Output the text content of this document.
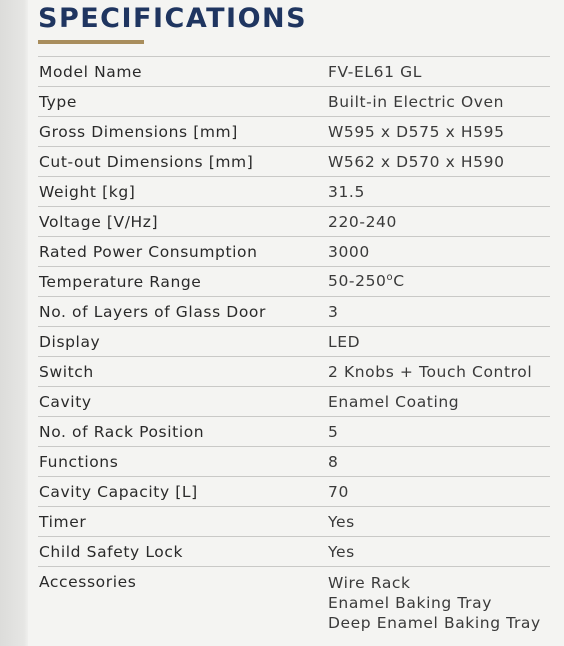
SPECIFICATIONS
Model Name	FV-EL61 GL
Type	Built-in Electric Oven
Gross Dimensions [mm]	W595 x D575 x H595
Cut-out Dimensions [mm]	W562 x D570 x H590
Weight [kg]	31.5
Voltage [V/Hz]	220-240
Rated Power Consumption	3000
Temperature Range	50-250$^o$C
No. of Layers of Glass Door	3
Display	LED
Switch	2 Knobs + Touch Control
Cavity	Enamel Coating
No. of Rack Position	5
Functions	8
Cavity Capacity [L]	70
Timer	Yes
Child Safety Lock	Yes
Accessories	Wire Rack
Enamel Baking Tray
Deep Enamel Baking Tray
